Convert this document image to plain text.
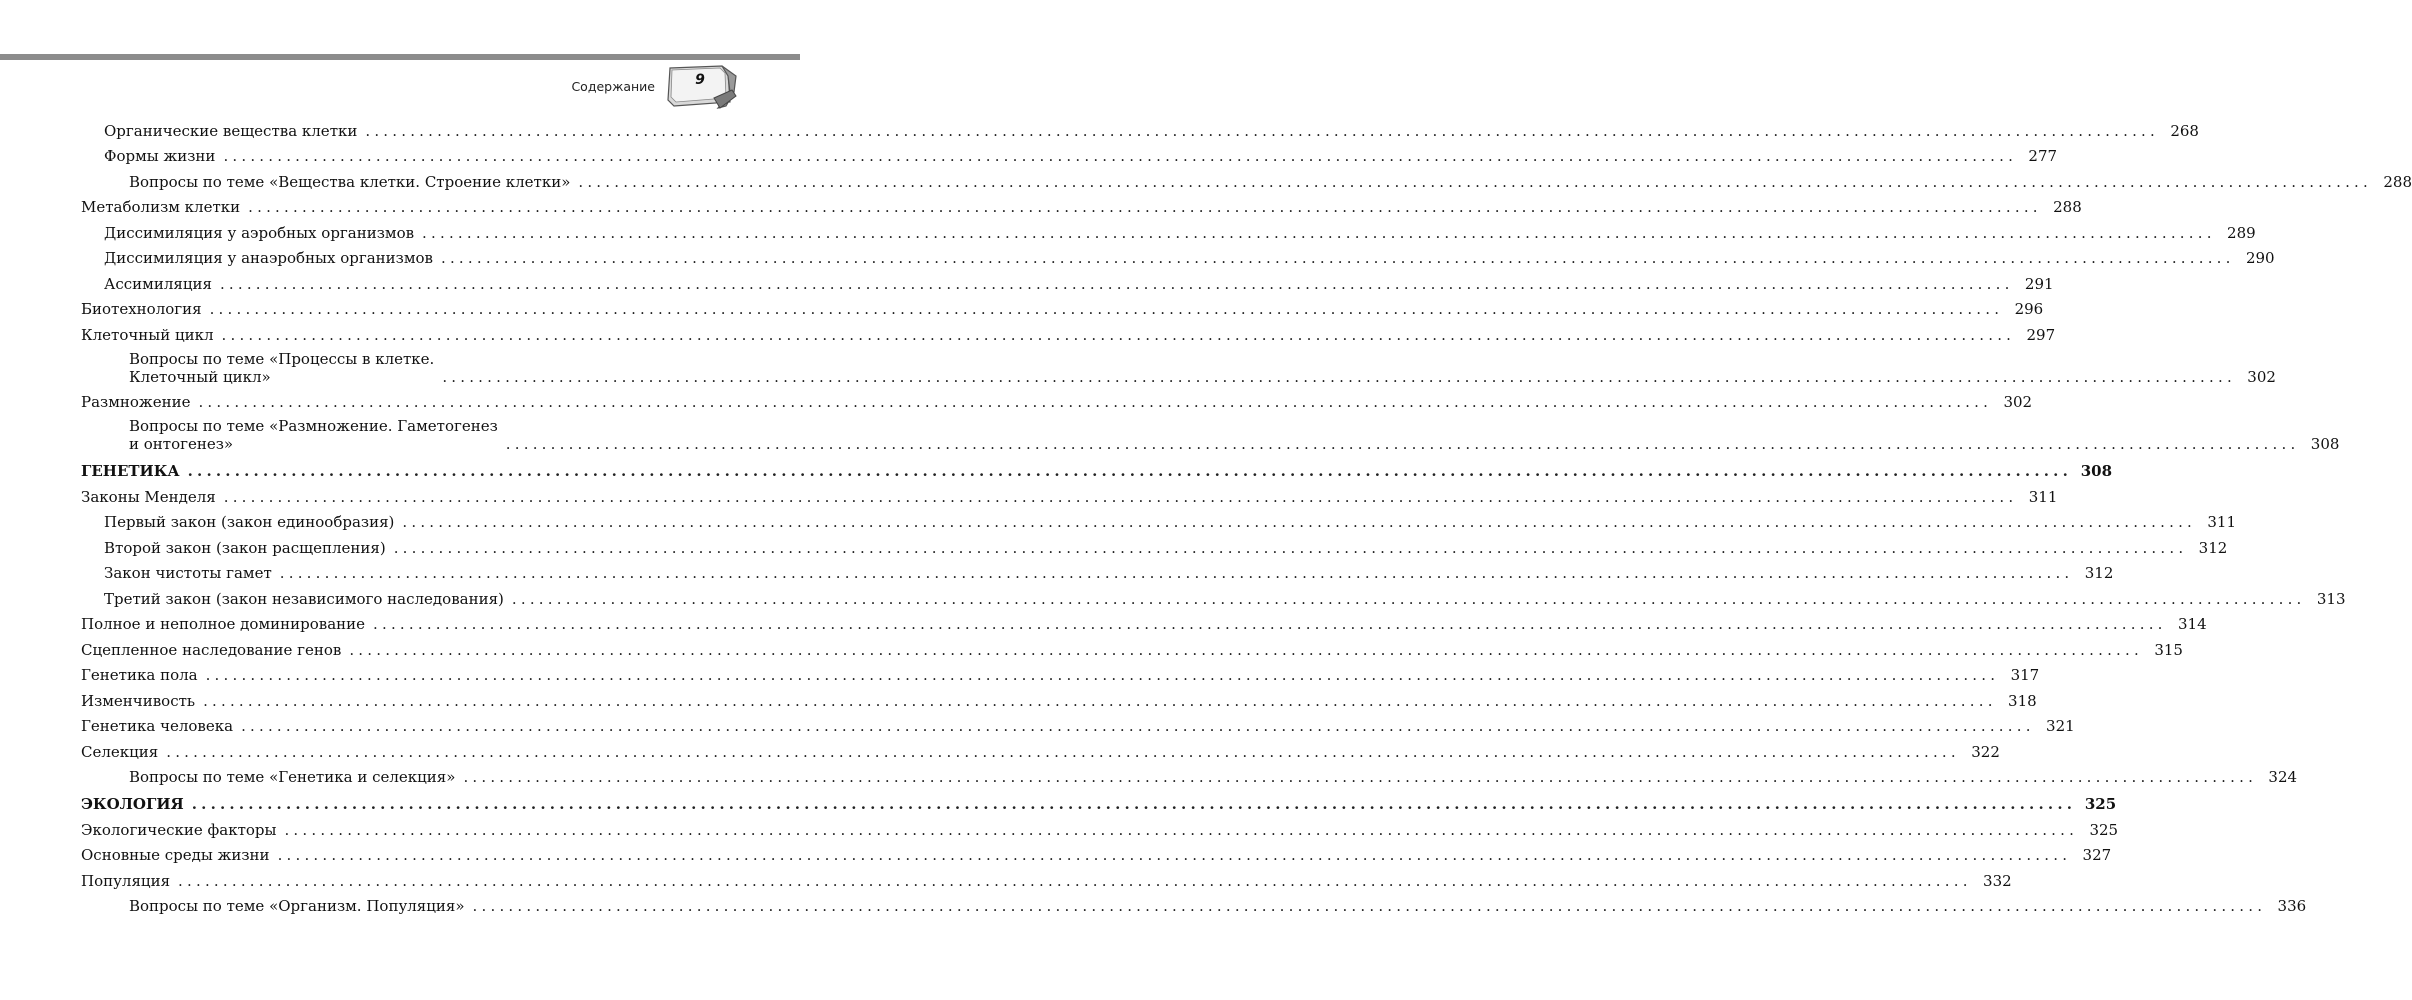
Содержание	9
Органические вещества клетки ........................................................................................................................................................................................................ 268
Формы жизни ........................................................................................................................................................................................................ 277
Вопросы по теме «Вещества клетки. Строение клетки» ........................................................................................................................................................................................................ 288
Метаболизм клетки ........................................................................................................................................................................................................ 288
Диссимиляция у аэробных организмов ........................................................................................................................................................................................................ 289
Диссимиляция у анаэробных организмов ........................................................................................................................................................................................................ 290
Ассимиляция ........................................................................................................................................................................................................ 291
Биотехнология ........................................................................................................................................................................................................ 296
Клеточный цикл ........................................................................................................................................................................................................ 297
Вопросы по теме «Процессы в клетке.
Клеточный цикл»	........................................................................................................................................................................................................ 302
Размножение ........................................................................................................................................................................................................ 302
Вопросы по теме «Размножение. Гаметогенез
и онтогенез»	........................................................................................................................................................................................................ 308
ГЕНЕТИКА ........................................................................................................................................................................................................ 308
Законы Менделя ........................................................................................................................................................................................................ 311
Первый закон (закон единообразия) ........................................................................................................................................................................................................ 311
Второй закон (закон расщепления) ........................................................................................................................................................................................................ 312
Закон чистоты гамет ........................................................................................................................................................................................................ 312
Третий закон (закон независимого наследования) ........................................................................................................................................................................................................ 313
Полное и неполное доминирование ........................................................................................................................................................................................................ 314
Сцепленное наследование генов ........................................................................................................................................................................................................ 315
Генетика пола ........................................................................................................................................................................................................ 317
Изменчивость ........................................................................................................................................................................................................ 318
Генетика человека ........................................................................................................................................................................................................ 321
Селекция ........................................................................................................................................................................................................ 322
Вопросы по теме «Генетика и селекция» ........................................................................................................................................................................................................ 324
ЭКОЛОГИЯ ........................................................................................................................................................................................................ 325
Экологические факторы ........................................................................................................................................................................................................ 325
Основные среды жизни ........................................................................................................................................................................................................ 327
Популяция ........................................................................................................................................................................................................ 332
Вопросы по теме «Организм. Популяция» ........................................................................................................................................................................................................ 336
